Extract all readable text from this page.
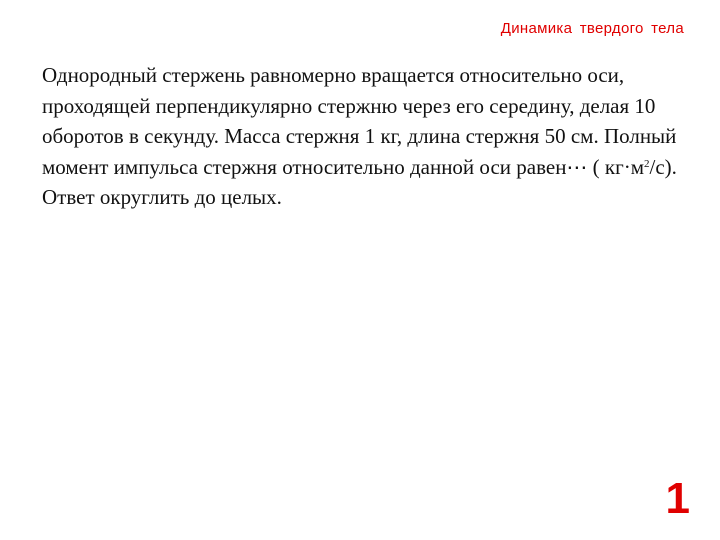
Динамика твердого тела
Однородный стержень равномерно вращается относительно оси, проходящей перпендикулярно стержню через его середину, делая 10 оборотов в секунду. Масса стержня 1 кг, длина стержня 50 см. Полный момент импульса стержня относительно данной оси равен⋯ ( $кг\cdot м^2/с$). Ответ округлить до целых.
1
